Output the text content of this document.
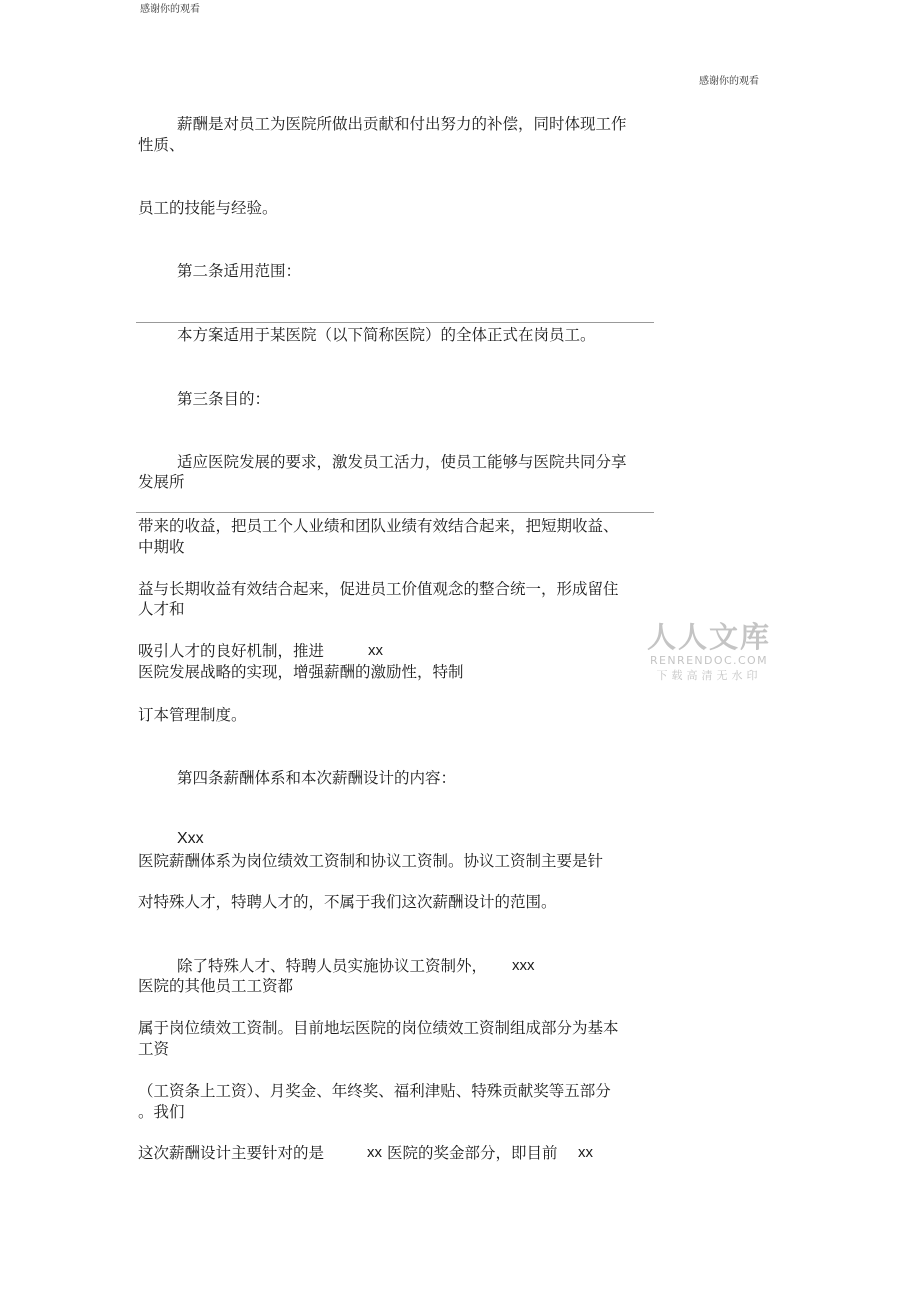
感谢你的观看
感谢你的观看
薪酬是对员工为医院所做出贡献和付出努力的补偿，同时体现工作
性质、
员工的技能与经验。
第二条适用范围：
本方案适用于某医院（以下简称医院）的全体正式在岗员工。
第三条目的：
适应医院发展的要求，激发员工活力，使员工能够与医院共同分享
发展所
带来的收益，把员工个人业绩和团队业绩有效结合起来，把短期收益、
中期收
益与长期收益有效结合起来，促进员工价值观念的整合统一，形成留住
人才和
吸引人才的良好机制，推进	xx
医院发展战略的实现，增强薪酬的激励性，特制
订本管理制度。
第四条薪酬体系和本次薪酬设计的内容：
Xxx
医院薪酬体系为岗位绩效工资制和协议工资制。协议工资制主要是针
对特殊人才，特聘人才的，不属于我们这次薪酬设计的范围。
除了特殊人才、特聘人员实施协议工资制外， xxx
医院的其他员工工资都
属于岗位绩效工资制。目前地坛医院的岗位绩效工资制组成部分为基本
工资
（工资条上工资）、月奖金、年终奖、福利津贴、特殊贡献奖等五部分
。我们
这次薪酬设计主要针对的是	xx 医院的奖金部分，即目前 xx
人人文库
RENRENDOC.COM
下载高清无水印
